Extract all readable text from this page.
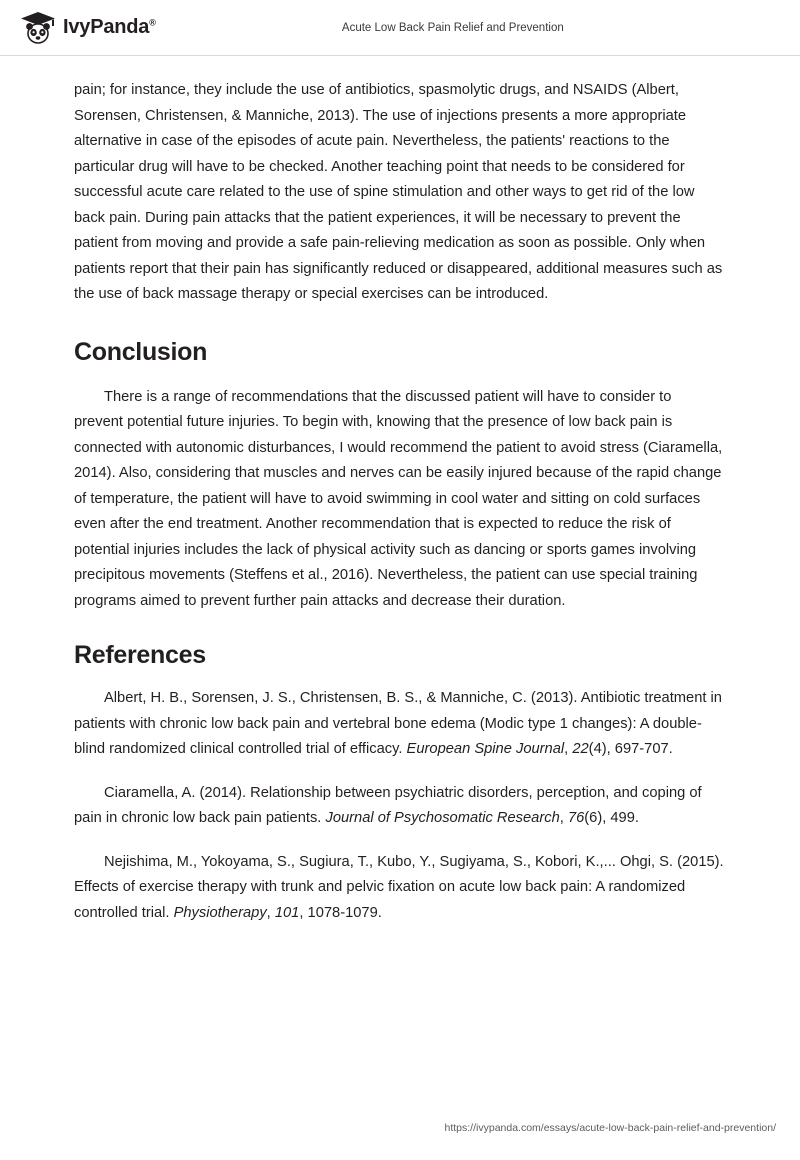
IvyPanda®	Acute Low Back Pain Relief and Prevention

pain; for instance, they include the use of antibiotics, spasmolytic drugs, and NSAIDS (Albert, Sorensen, Christensen, & Manniche, 2013). The use of injections presents a more appropriate alternative in case of the episodes of acute pain. Nevertheless, the patients' reactions to the particular drug will have to be checked. Another teaching point that needs to be considered for successful acute care related to the use of spine stimulation and other ways to get rid of the low back pain. During pain attacks that the patient experiences, it will be necessary to prevent the patient from moving and provide a safe pain-relieving medication as soon as possible. Only when patients report that their pain has significantly reduced or disappeared, additional measures such as the use of back massage therapy or special exercises can be introduced.

Conclusion

There is a range of recommendations that the discussed patient will have to consider to prevent potential future injuries. To begin with, knowing that the presence of low back pain is connected with autonomic disturbances, I would recommend the patient to avoid stress (Ciaramella, 2014). Also, considering that muscles and nerves can be easily injured because of the rapid change of temperature, the patient will have to avoid swimming in cool water and sitting on cold surfaces even after the end treatment. Another recommendation that is expected to reduce the risk of potential injuries includes the lack of physical activity such as dancing or sports games involving precipitous movements (Steffens et al., 2016). Nevertheless, the patient can use special training programs aimed to prevent further pain attacks and decrease their duration.

References
Albert, H. B., Sorensen, J. S., Christensen, B. S., & Manniche, C. (2013). Antibiotic treatment in patients with chronic low back pain and vertebral bone edema (Modic type 1 changes): A double-blind randomized clinical controlled trial of efficacy. European Spine Journal, 22(4), 697-707.
Ciaramella, A. (2014). Relationship between psychiatric disorders, perception, and coping of pain in chronic low back pain patients. Journal of Psychosomatic Research, 76(6), 499.
Nejishima, M., Yokoyama, S., Sugiura, T., Kubo, Y., Sugiyama, S., Kobori, K.,... Ohgi, S. (2015). Effects of exercise therapy with trunk and pelvic fixation on acute low back pain: A randomized controlled trial. Physiotherapy, 101, 1078-1079.
https://ivypanda.com/essays/acute-low-back-pain-relief-and-prevention/
